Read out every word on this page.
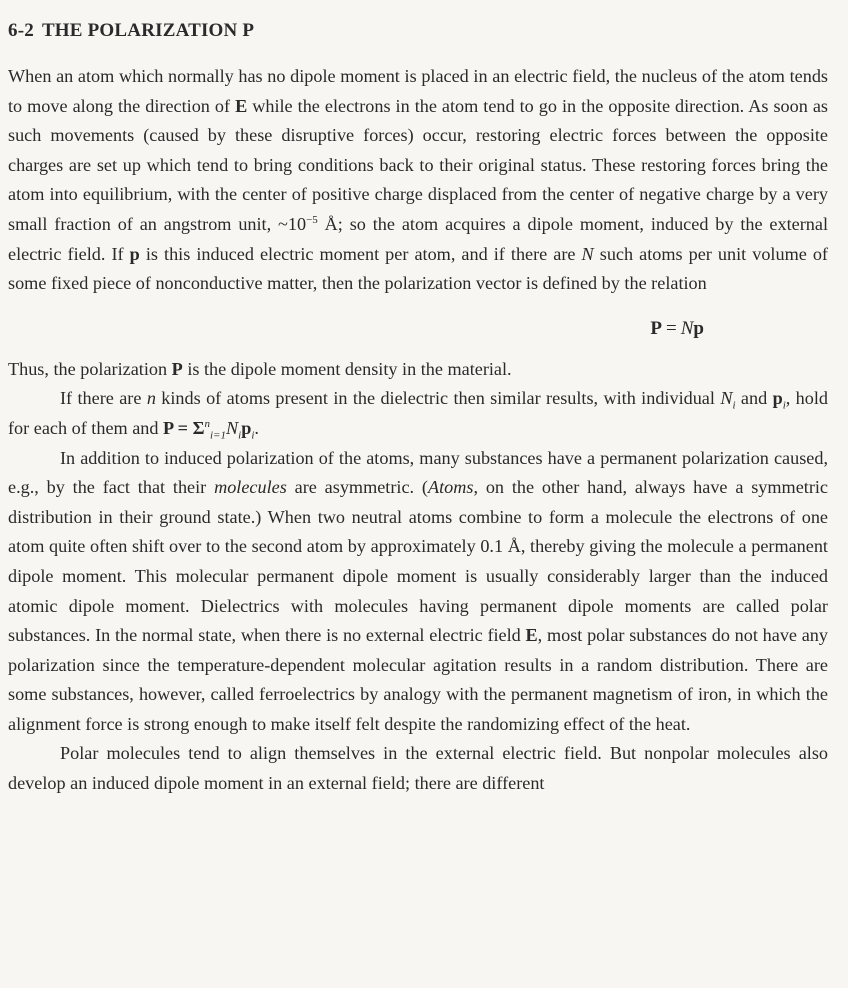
6-2 THE POLARIZATION P

When an atom which normally has no dipole moment is placed in an electric field, the nucleus of the atom tends to move along the direction of E while the electrons in the atom tend to go in the opposite direction. As soon as such movements (caused by these disruptive forces) occur, restoring electric forces between the opposite charges are set up which tend to bring conditions back to their original status. These restoring forces bring the atom into equilibrium, with the center of positive charge displaced from the center of negative charge by a very small fraction of an angstrom unit, $\sim 10^{-5}$ Å; so the atom acquires a dipole moment, induced by the external electric field. If p is this induced electric moment per atom, and if there are N such atoms per unit volume of some fixed piece of nonconductive matter, then the polarization vector is defined by the relation

P = Np

Thus, the polarization P is the dipole moment density in the material.

If there are n kinds of atoms present in the dielectric then similar results, with individual $N_i$ and $p_i$, hold for each of them and $P = \Sigma^n_{i=1}N_ip_i$.

In addition to induced polarization of the atoms, many substances have a permanent polarization caused, e.g., by the fact that their molecules are asymmetric. (Atoms, on the other hand, always have a symmetric distribution in their ground state.) When two neutral atoms combine to form a molecule the electrons of one atom quite often shift over to the second atom by approximately 0.1 Å, thereby giving the molecule a permanent dipole moment. This molecular permanent dipole moment is usually considerably larger than the induced atomic dipole moment. Dielectrics with molecules having permanent dipole moments are called polar substances. In the normal state, when there is no external electric field E, most polar substances do not have any polarization since the temperature-dependent molecular agitation results in a random distribution. There are some substances, however, called ferroelectrics by analogy with the permanent magnetism of iron, in which the alignment force is strong enough to make itself felt despite the randomizing effect of the heat.

Polar molecules tend to align themselves in the external electric field. But nonpolar molecules also develop an induced dipole moment in an external field; there are different
